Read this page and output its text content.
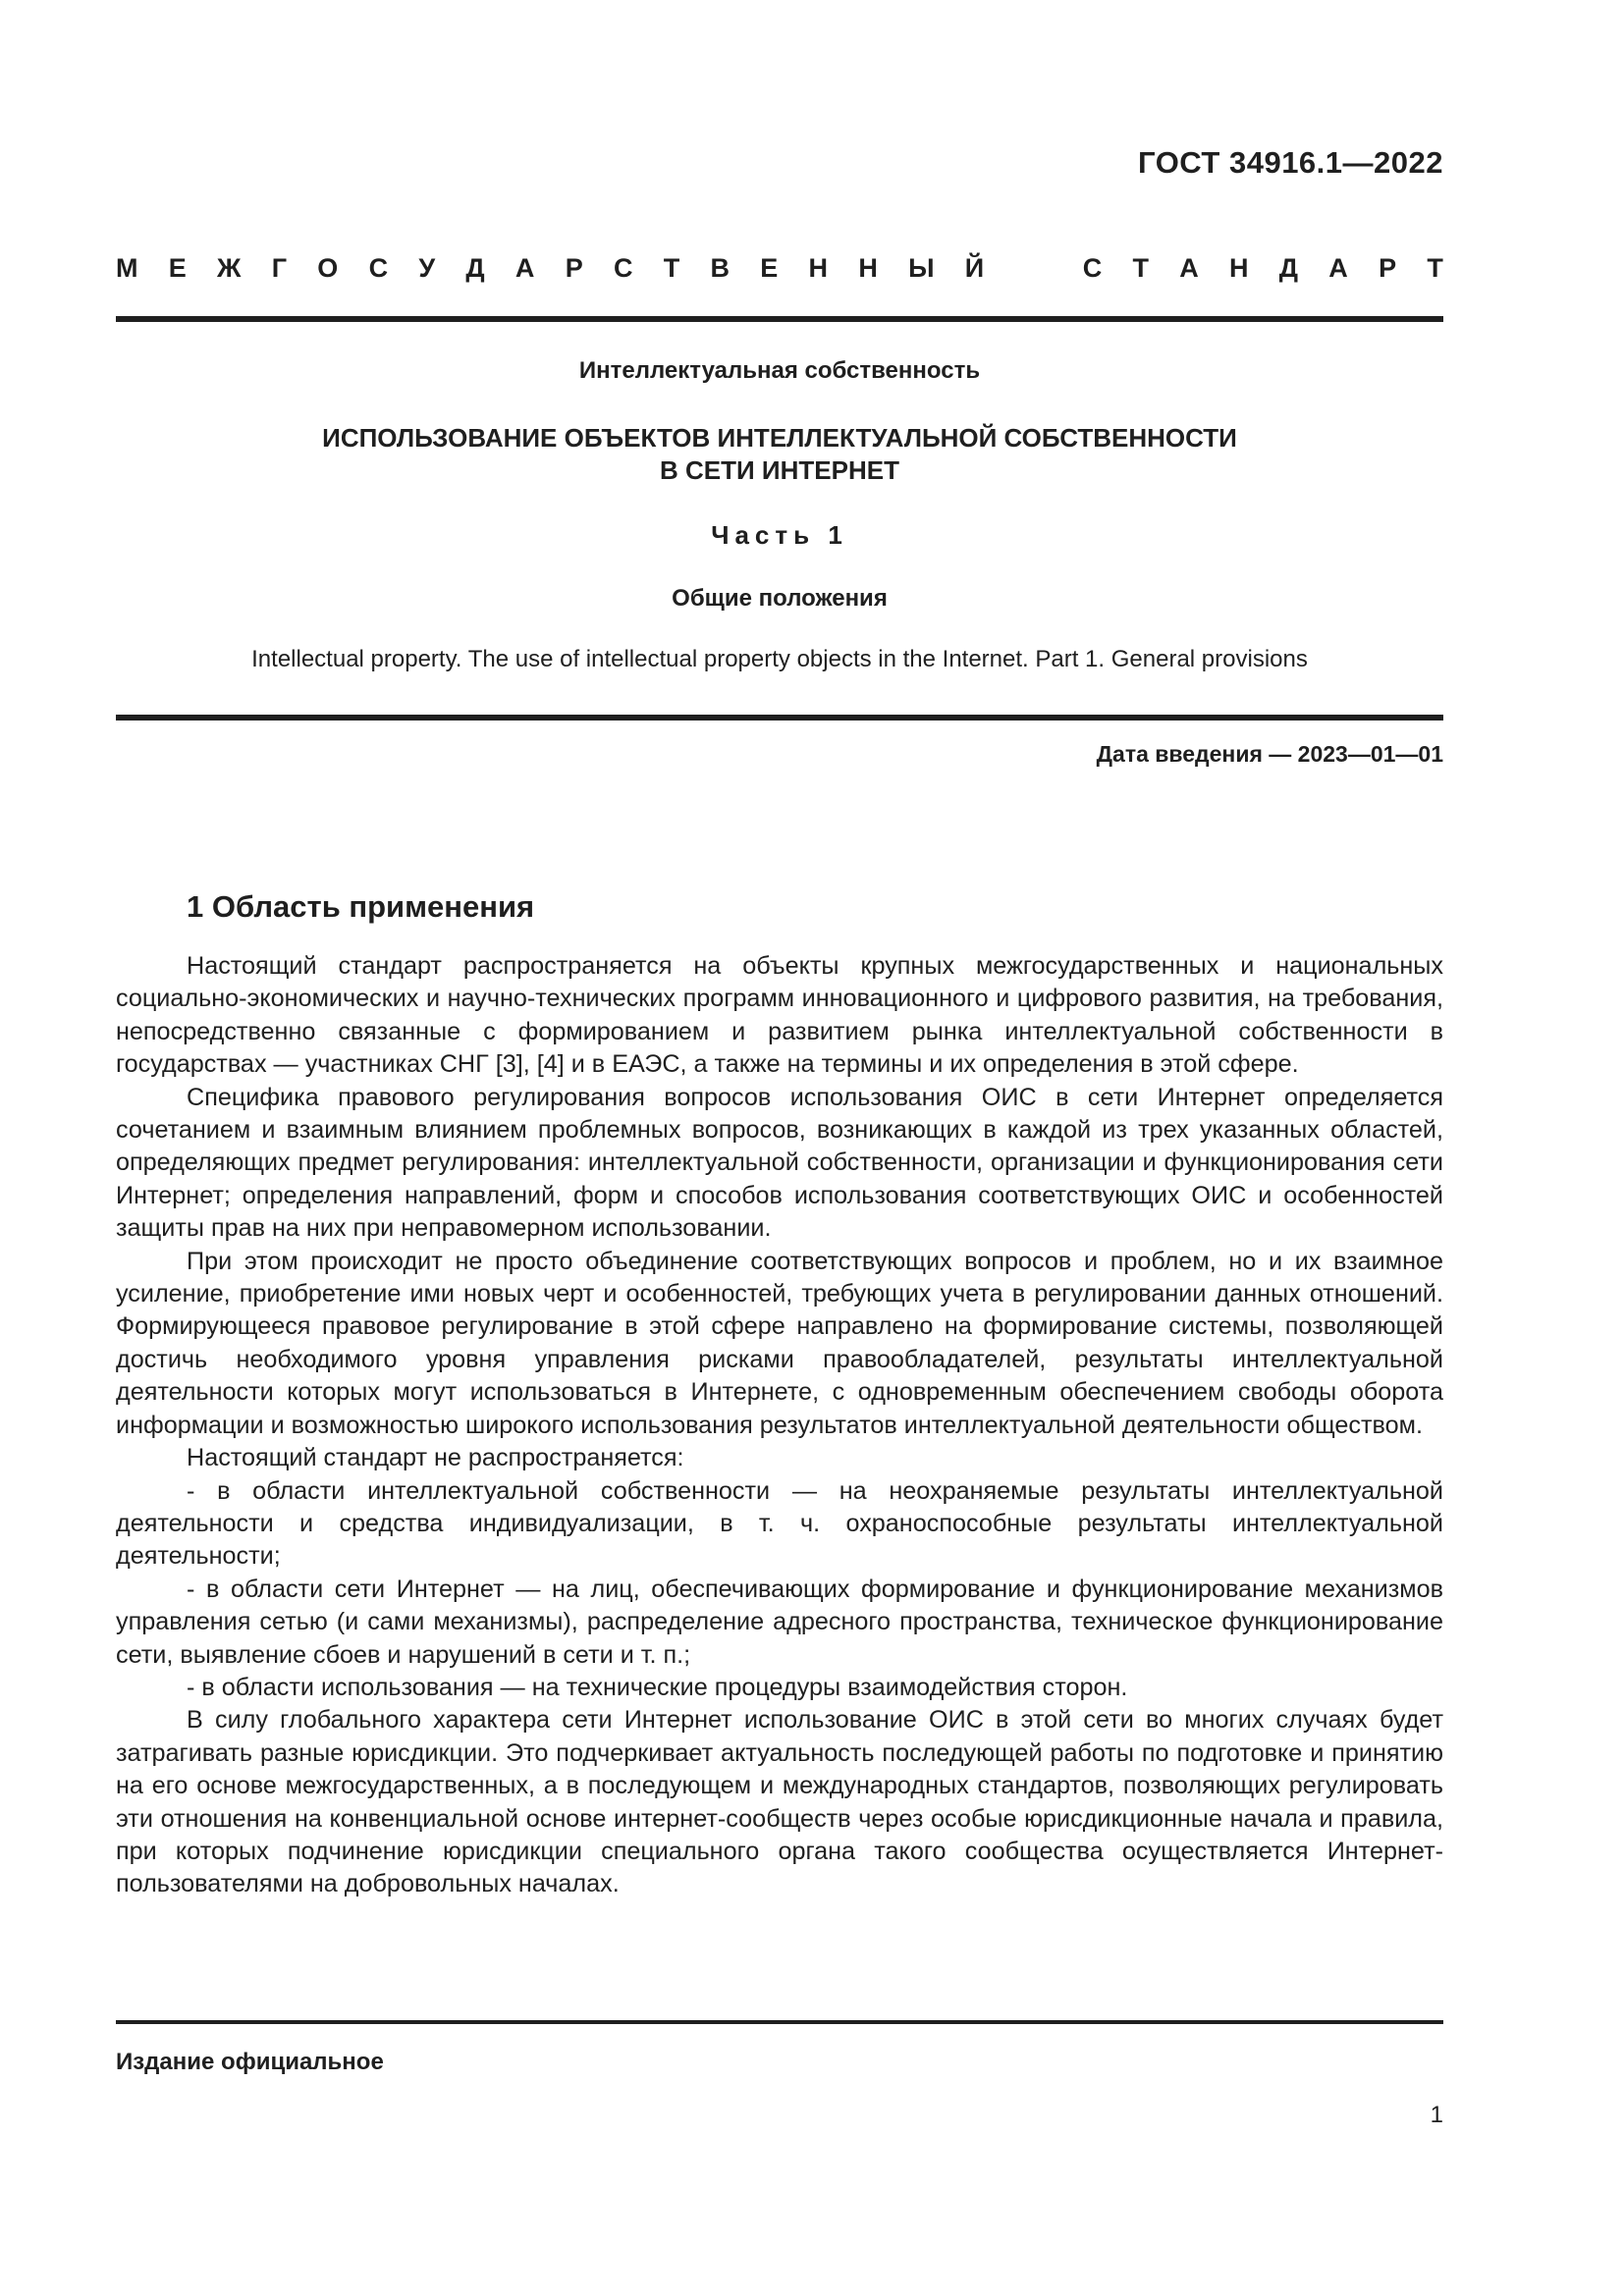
ГОСТ 34916.1—2022
М Е Ж Г О С У Д А Р С Т В Е Н Н Ы Й	С Т А Н Д А Р Т
Интеллектуальная собственность
ИСПОЛЬЗОВАНИЕ ОБЪЕКТОВ ИНТЕЛЛЕКТУАЛЬНОЙ СОБСТВЕННОСТИ
В СЕТИ ИНТЕРНЕТ
Часть 1
Общие положения
Intellectual property. The use of intellectual property objects in the Internet. Part 1. General provisions
Дата введения — 2023—01—01
1 Область применения

Настоящий стандарт распространяется на объекты крупных межгосударственных и национальных социально-экономических и научно-технических программ инновационного и цифрового развития, на требования, непосредственно связанные с формированием и развитием рынка интеллектуальной собственности в государствах — участниках СНГ [3], [4] и в ЕАЭС, а также на термины и их определения в этой сфере.

Специфика правового регулирования вопросов использования ОИС в сети Интернет определяется сочетанием и взаимным влиянием проблемных вопросов, возникающих в каждой из трех указанных областей, определяющих предмет регулирования: интеллектуальной собственности, организации и функционирования сети Интернет; определения направлений, форм и способов использования соответствующих ОИС и особенностей защиты прав на них при неправомерном использовании.

При этом происходит не просто объединение соответствующих вопросов и проблем, но и их взаимное усиление, приобретение ими новых черт и особенностей, требующих учета в регулировании данных отношений. Формирующееся правовое регулирование в этой сфере направлено на формирование системы, позволяющей достичь необходимого уровня управления рисками правообладателей, результаты интеллектуальной деятельности которых могут использоваться в Интернете, с одновременным обеспечением свободы оборота информации и возможностью широкого использования результатов интеллектуальной деятельности обществом.

Настоящий стандарт не распространяется:

- в области интеллектуальной собственности — на неохраняемые результаты интеллектуальной деятельности и средства индивидуализации, в т. ч. охраноспособные результаты интеллектуальной деятельности;

- в области сети Интернет — на лиц, обеспечивающих формирование и функционирование механизмов управления сетью (и сами механизмы), распределение адресного пространства, техническое функционирование сети, выявление сбоев и нарушений в сети и т. п.;

- в области использования — на технические процедуры взаимодействия сторон.

В силу глобального характера сети Интернет использование ОИС в этой сети во многих случаях будет затрагивать разные юрисдикции. Это подчеркивает актуальность последующей работы по подготовке и принятию на его основе межгосударственных, а в последующем и международных стандартов, позволяющих регулировать эти отношения на конвенциальной основе интернет-сообществ через особые юрисдикционные начала и правила, при которых подчинение юрисдикции специального органа такого сообщества осуществляется Интернет-пользователями на добровольных началах.

Издание официальное
1
